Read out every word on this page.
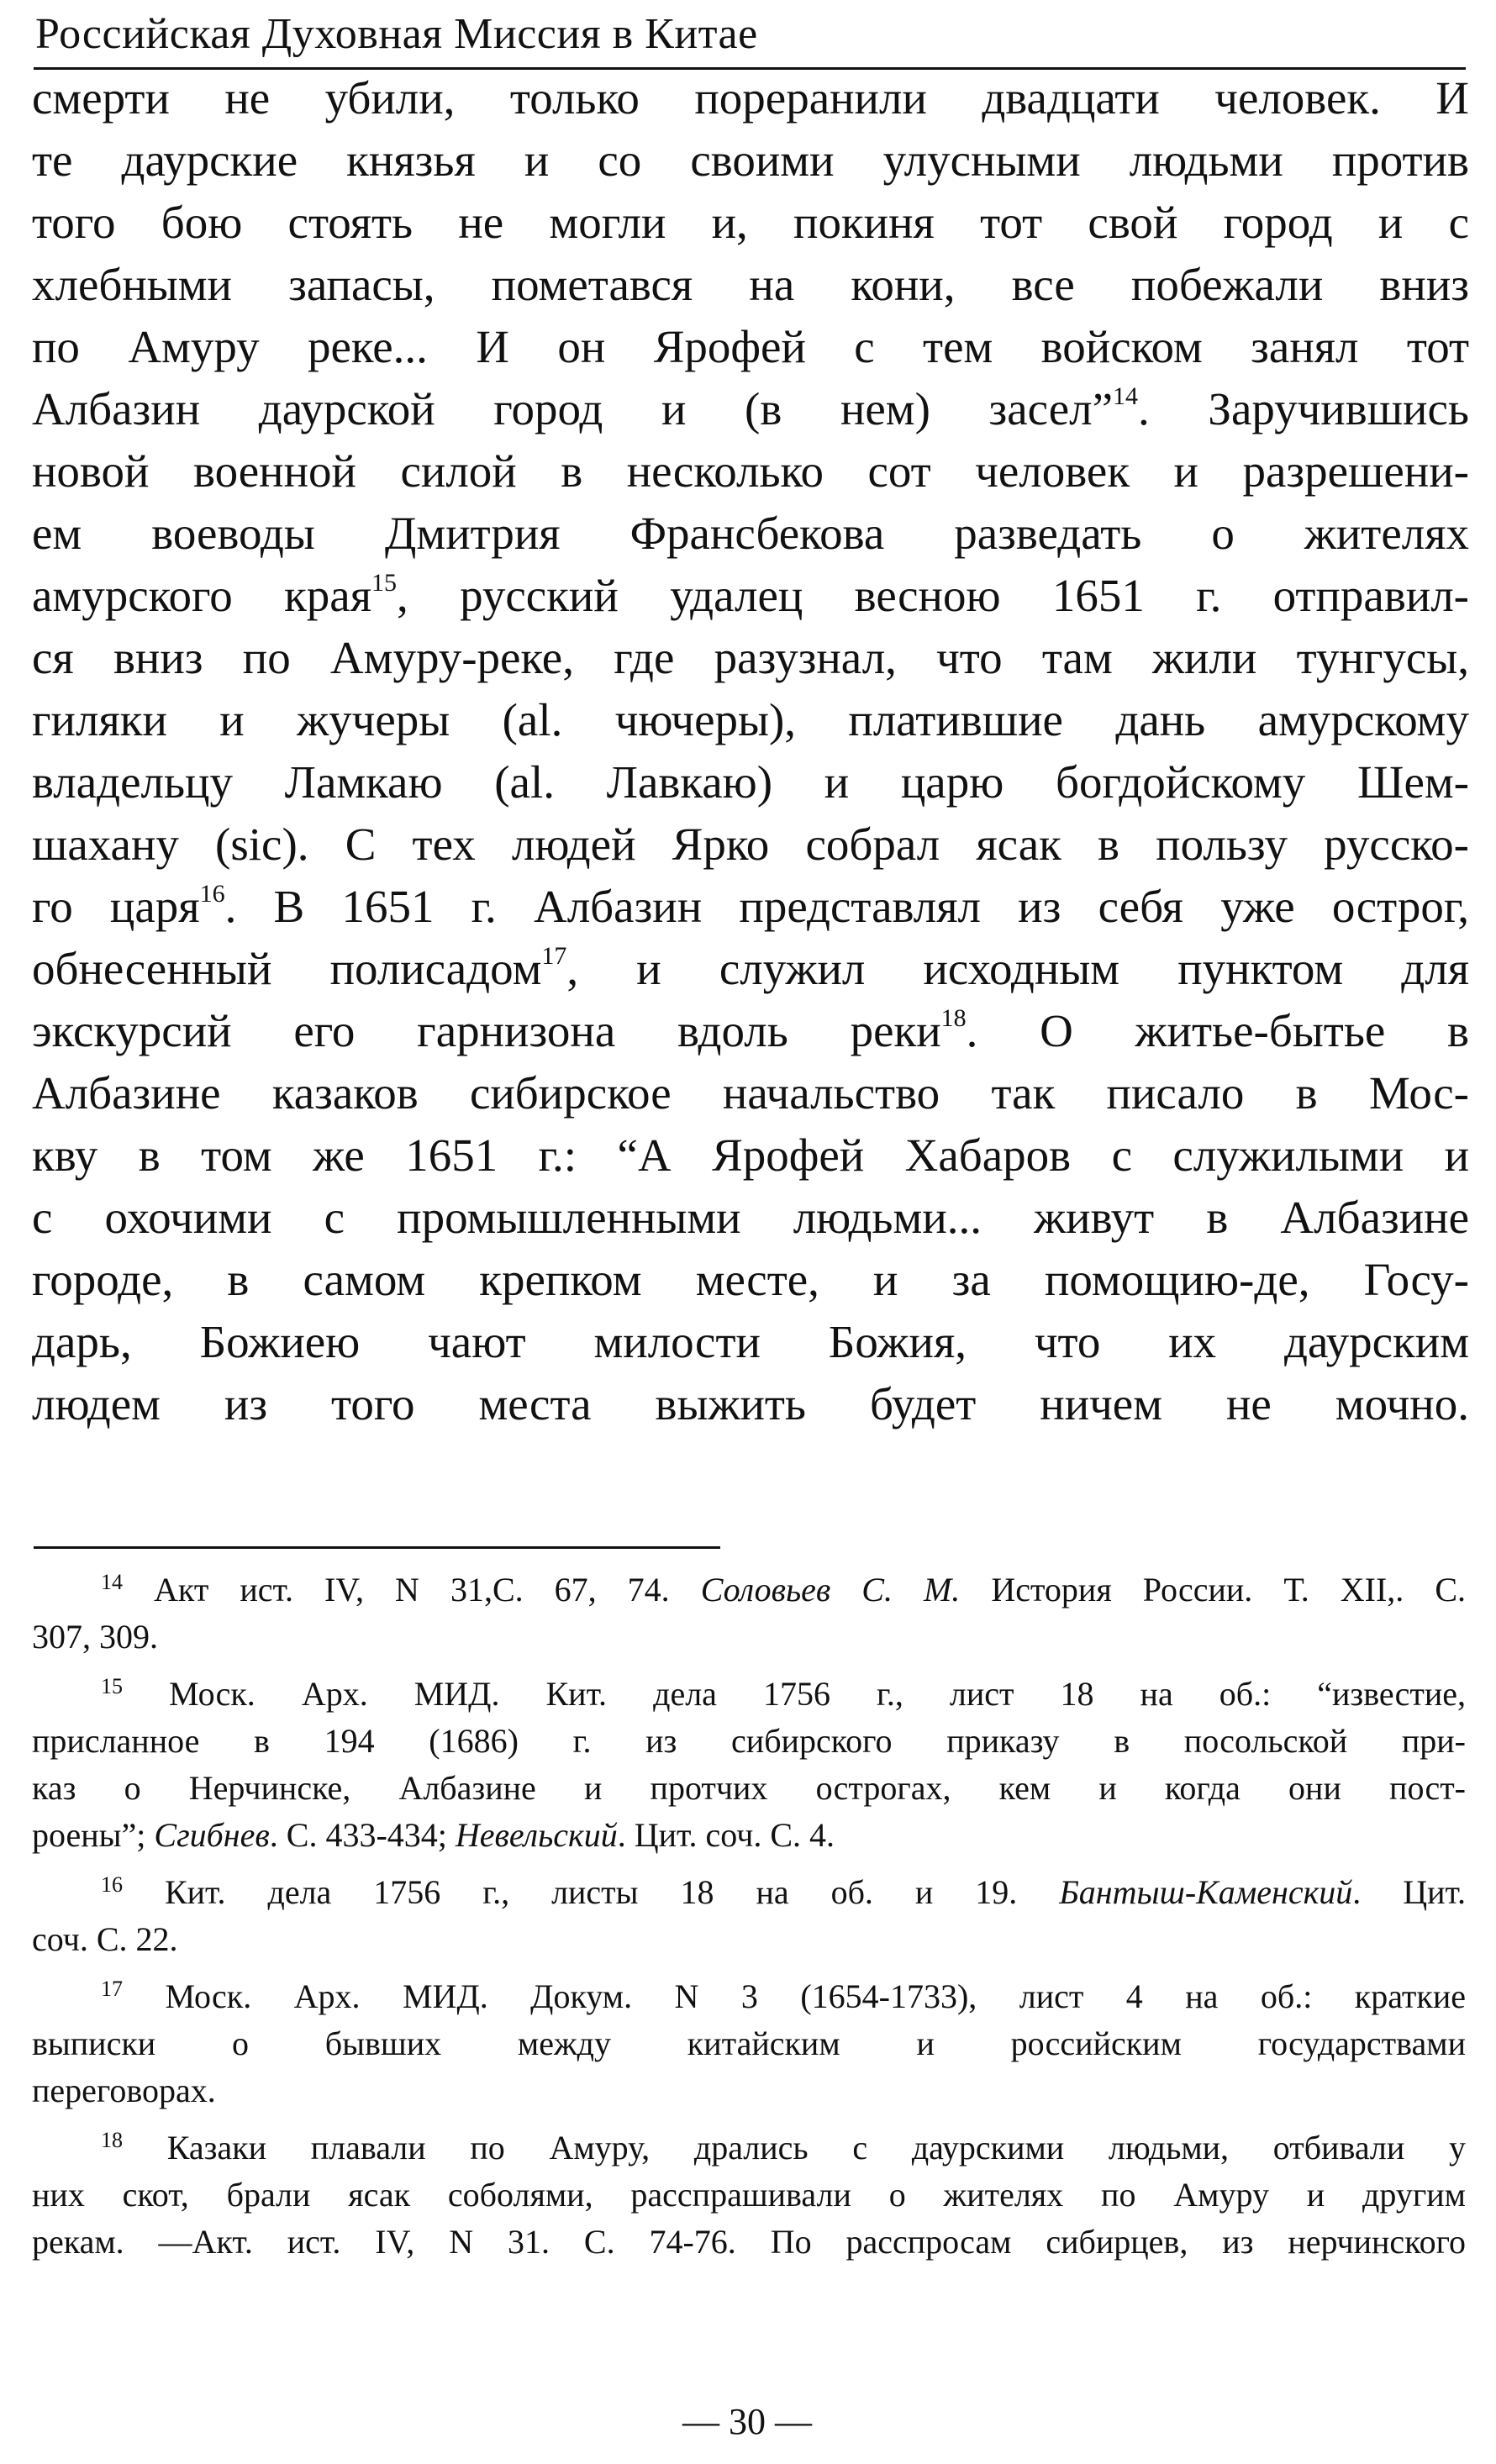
Российская Духовная Миссия в Китае
смерти не убили, только пореранили двадцати человек. И
те даурские князья и со своими улусными людьми против
того бою стоять не могли и, покиня тот свой город и с
хлебными запасы, пометався на кони, все побежали вниз
по Амуру реке... И он Ярофей с тем войском занял тот
Албазин даурской город и (в нем) засел”$^{14}$. Заручившись
новой военной силой в несколько сот человек и разрешени-
ем воеводы Дмитрия Франсбекова разведать о жителях
амурского края$^{15}$, русский удалец весною 1651 г. отправил-
ся вниз по Амуру-реке, где разузнал, что там жили тунгусы,
гиляки и жучеры (al. чючеры), платившие дань амурскому
владельцу Ламкаю (al. Лавкаю) и царю богдойскому Шем-
шахану (sic). С тех людей Ярко собрал ясак в пользу русско-
го царя$^{16}$. В 1651 г. Албазин представлял из себя уже острог,
обнесенный полисадом$^{17}$, и служил исходным пунктом для
экскурсий его гарнизона вдоль реки$^{18}$. О житье-бытье в
Албазине казаков сибирское начальство так писало в Мос-
кву в том же 1651 г.: “А Ярофей Хабаров с служилыми и
с охочими с промышленными людьми... живут в Албазине
городе, в самом крепком месте, и за помощию-де, Госу-
дарь, Божиею чают милости Божия, что их даурским
людем из того места выжить будет ничем не мочно.
$^{14}$ Акт ист. IV, N 31,С. 67, 74. Соловьев С. М. История России. Т. XII,. С.
307, 309.
$^{15}$ Моск. Арх. МИД. Кит. дела 1756 г., лист 18 на об.: “известие,
присланное в 194 (1686) г. из сибирского приказу в посольской при-
каз о Нерчинске, Албазине и протчих острогах, кем и когда они пост-
роены”; Сгибнев. С. 433-434; Невельский. Цит. соч. С. 4.
$^{16}$ Кит. дела 1756 г., листы 18 на об. и 19. Бантыш-Каменский. Цит.
соч. С. 22.
$^{17}$ Моск. Арх. МИД. Докум. N 3 (1654-1733), лист 4 на об.: краткие
выписки о бывших между китайским и российским государствами
переговорах.
$^{18}$ Казаки плавали по Амуру, дрались с даурскими людьми, отбивали у
них скот, брали ясак соболями, расспрашивали о жителях по Амуру и другим
рекам. —Акт. ист. IV, N 31. С. 74-76. По расспросам сибирцев, из нерчинского
— 30 —
